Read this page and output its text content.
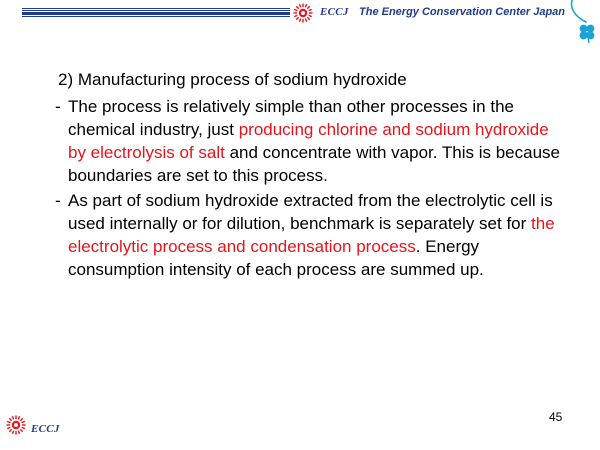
ECCJ The Energy Conservation Center Japan
2) Manufacturing process of sodium hydroxide
- The process is relatively simple than other processes in the chemical industry, just producing chlorine and sodium hydroxide by electrolysis of salt and concentrate with vapor. This is because boundaries are set to this process.
- As part of sodium hydroxide extracted from the electrolytic cell is used internally or for dilution, benchmark is separately set for the electrolytic process and condensation process. Energy consumption intensity of each process are summed up.
ECCJ
45
